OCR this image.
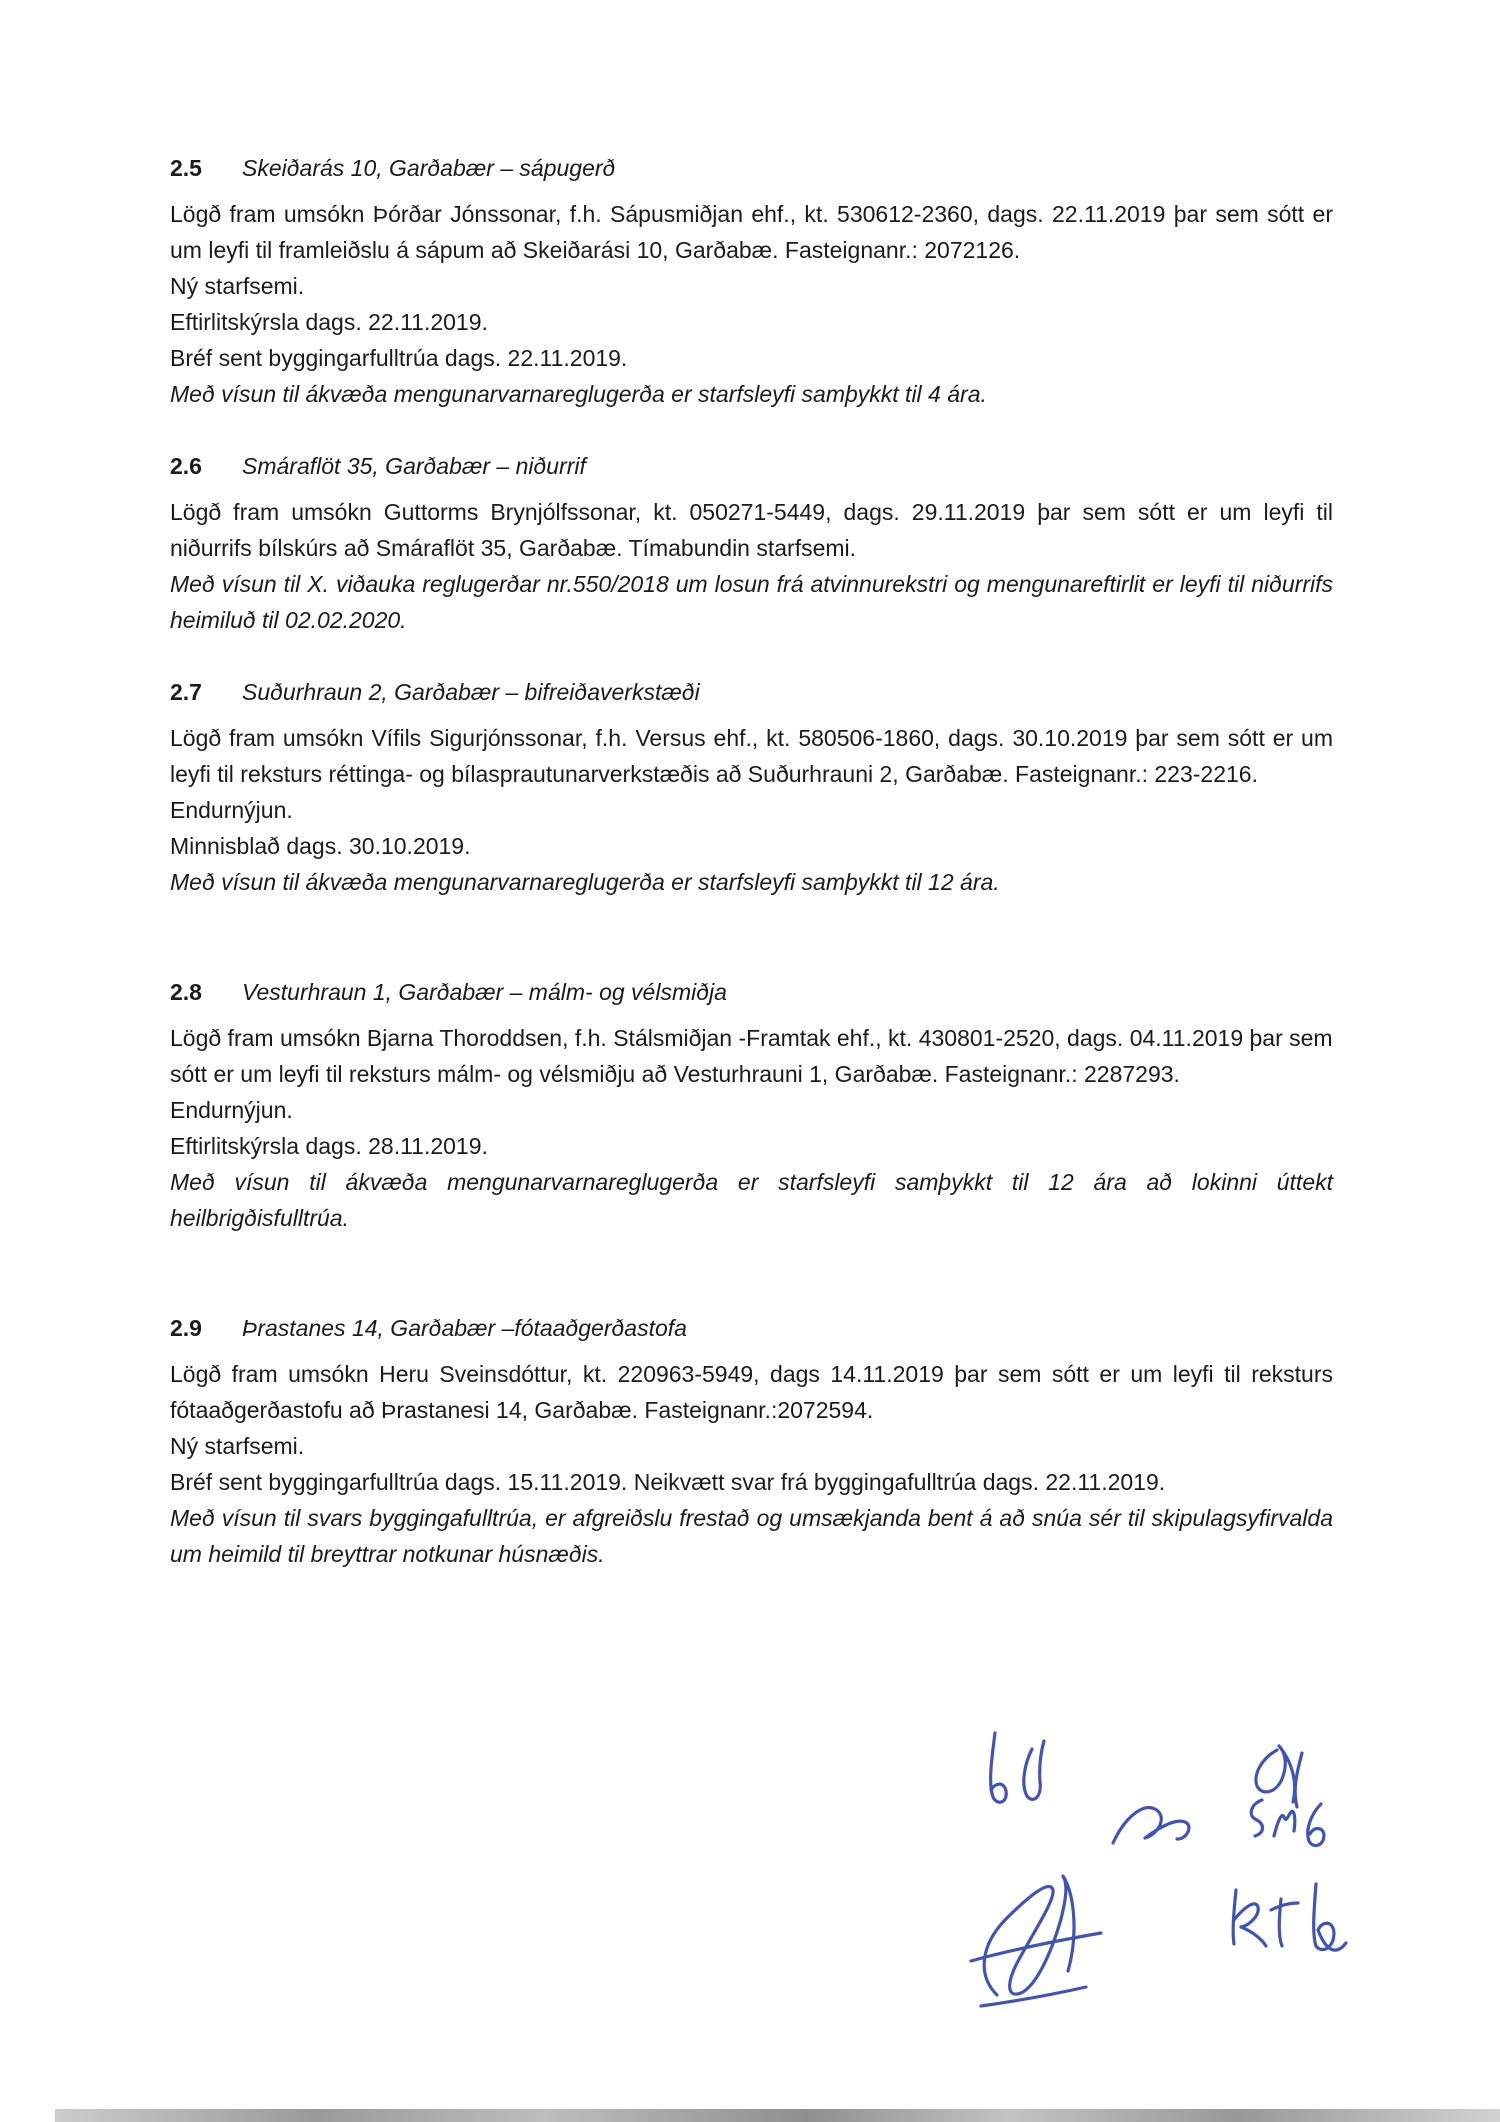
2.5	Skeiðarás 10, Garðabær – sápugerð

Lögð fram umsókn Þórðar Jónssonar, f.h. Sápusmiðjan ehf., kt. 530612-2360, dags. 22.11.2019 þar sem sótt er um leyfi til framleiðslu á sápum að Skeiðarási 10, Garðabæ. Fasteignanr.: 2072126.

Ný starfsemi.

Eftirlitskýrsla dags. 22.11.2019.

Bréf sent byggingarfulltrúa dags. 22.11.2019.

Með vísun til ákvæða mengunarvarnareglugerða er starfsleyfi samþykkt til 4 ára.

2.6	Smáraflöt 35, Garðabær – niðurrif

Lögð fram umsókn Guttorms Brynjólfssonar, kt. 050271-5449, dags. 29.11.2019 þar sem sótt er um leyfi til niðurrifs bílskúrs að Smáraflöt 35, Garðabæ. Tímabundin starfsemi.

Með vísun til X. viðauka reglugerðar nr.550/2018 um losun frá atvinnurekstri og mengunareftirlit er leyfi til niðurrifs heimiluð til 02.02.2020.

2.7	Suðurhraun 2, Garðabær – bifreiðaverkstæði

Lögð fram umsókn Vífils Sigurjónssonar, f.h. Versus ehf., kt. 580506-1860, dags. 30.10.2019 þar sem sótt er um leyfi til reksturs réttinga- og bílasprautunarverkstæðis að Suðurhrauni 2, Garðabæ. Fasteignanr.: 223-2216.

Endurnýjun.

Minnisblað dags. 30.10.2019.

Með vísun til ákvæða mengunarvarnareglugerða er starfsleyfi samþykkt til 12 ára.

2.8	Vesturhraun 1, Garðabær – málm- og vélsmiðja

Lögð fram umsókn Bjarna Thoroddsen, f.h. Stálsmiðjan -Framtak ehf., kt. 430801-2520, dags. 04.11.2019 þar sem sótt er um leyfi til reksturs málm- og vélsmiðju að Vesturhrauni 1, Garðabæ. Fasteignanr.: 2287293.

Endurnýjun.

Eftirlitskýrsla dags. 28.11.2019.

Með vísun til ákvæða mengunarvarnareglugerða er starfsleyfi samþykkt til 12 ára að lokinni úttekt heilbrigðisfulltrúa.

2.9	Þrastanes 14, Garðabær –fótaaðgerðastofa

Lögð fram umsókn Heru Sveinsdóttur, kt. 220963-5949, dags 14.11.2019 þar sem sótt er um leyfi til reksturs fótaaðgerðastofu að Þrastanesi 14, Garðabæ. Fasteignanr.:2072594.

Ný starfsemi.

Bréf sent byggingarfulltrúa dags. 15.11.2019. Neikvætt svar frá byggingafulltrúa dags. 22.11.2019.

Með vísun til svars byggingafulltrúa, er afgreiðslu frestað og umsækjanda bent á að snúa sér til skipulagsyfirvalda um heimild til breyttrar notkunar húsnæðis.
